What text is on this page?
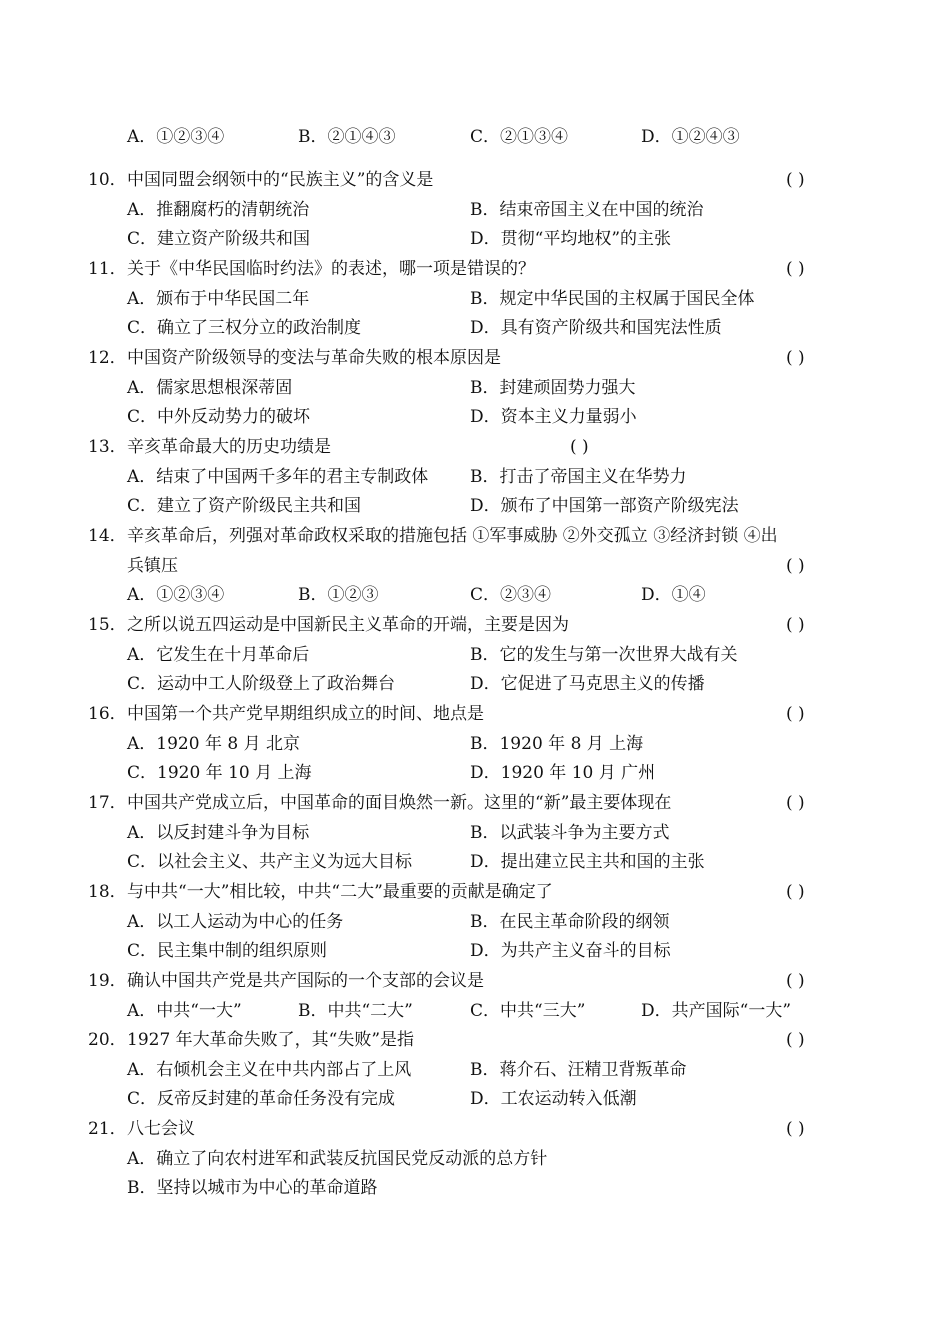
A．①②③④	B．②①④③	C．②①③④	D．①②④③
10． 中国同盟会纲领中的“民族主义”的含义是	( )
A．推翻腐朽的清朝统治	B．结束帝国主义在中国的统治
C．建立资产阶级共和国	D．贯彻“平均地权”的主张
11． 关于《中华民国临时约法》的表述，哪一项是错误的？	( )
A．颁布于中华民国二年	B．规定中华民国的主权属于国民全体
C．确立了三权分立的政治制度	D．具有资产阶级共和国宪法性质
12． 中国资产阶级领导的变法与革命失败的根本原因是	( )
A．儒家思想根深蒂固	B．封建顽固势力强大
C．中外反动势力的破坏	D．资本主义力量弱小
13． 辛亥革命最大的历史功绩是	( )
A．结束了中国两千多年的君主专制政体 B．打击了帝国主义在华势力
C．建立了资产阶级民主共和国	D．颁布了中国第一部资产阶级宪法
14． 辛亥革命后，列强对革命政权采取的措施包括 ①军事威胁 ②外交孤立 ③经济封锁 ④出
兵镇压	( )
A．①②③④	B．①②③	C．②③④	D．①④
15． 之所以说五四运动是中国新民主义革命的开端，主要是因为	( )
A．它发生在十月革命后	B．它的发生与第一次世界大战有关
C．运动中工人阶级登上了政治舞台	D．它促进了马克思主义的传播
16． 中国第一个共产党早期组织成立的时间、地点是	( )
A．1920 年 8 月 北京	B．1920 年 8 月 上海
C．1920 年 10 月 上海	D．1920 年 10 月 广州
17． 中国共产党成立后，中国革命的面目焕然一新。这里的“新”最主要体现在	( )
A．以反封建斗争为目标	B．以武装斗争为主要方式
C．以社会主义、共产主义为远大目标	D．提出建立民主共和国的主张
18． 与中共“一大”相比较，中共“二大”最重要的贡献是确定了	( )
A．以工人运动为中心的任务	B．在民主革命阶段的纲领
C．民主集中制的组织原则	D．为共产主义奋斗的目标
19． 确认中国共产党是共产国际的一个支部的会议是	( )
A．中共“一大”	B．中共“二大”	C．中共“三大”	D．共产国际“一大”
20． 1927 年大革命失败了，其“失败”是指	( )
A．右倾机会主义在中共内部占了上风	B．蒋介石、汪精卫背叛革命
C．反帝反封建的革命任务没有完成	D．工农运动转入低潮
21． 八七会议	( )
A．确立了向农村进军和武装反抗国民党反动派的总方针
B．坚持以城市为中心的革命道路
